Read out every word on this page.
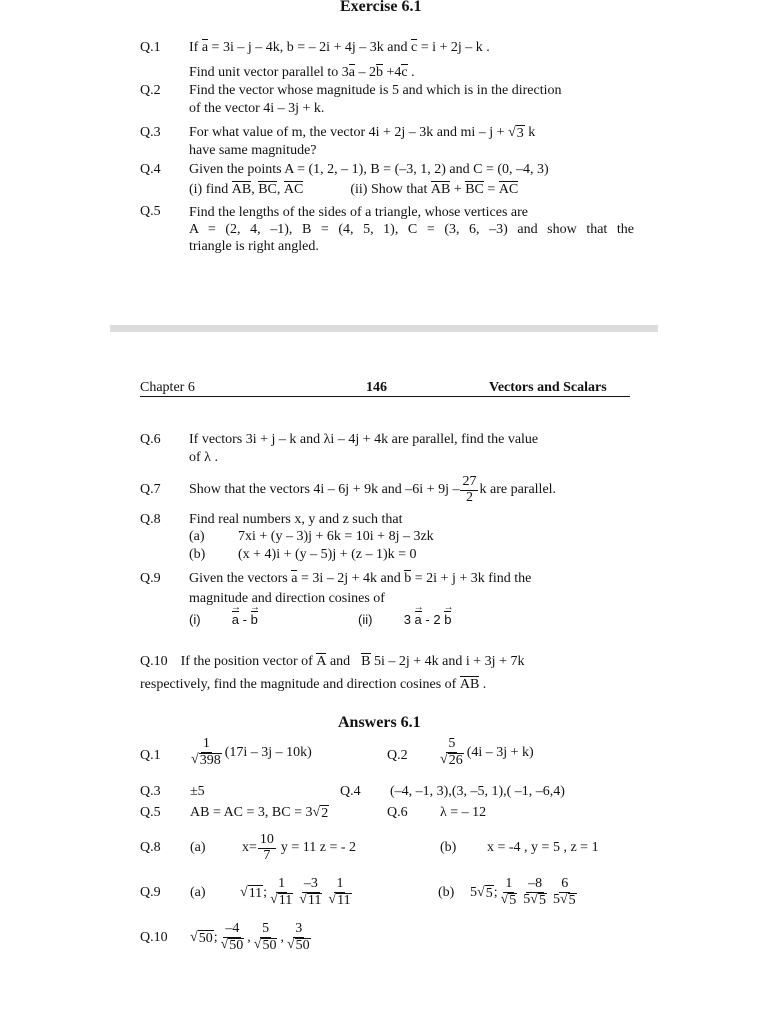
Exercise 6.1
Q.1 If a = 3i – j – 4k, b = – 2i + 4j – 3k and c = i + 2j – k .
Find unit vector parallel to 3a – 2b +4c .
Q.2 Find the vector whose magnitude is 5 and which is in the direction
of the vector 4i – 3j + k.
Q.3 For what value of m, the vector 4i + 2j – 3k and mi – j + √ 3 k
have same magnitude?
Q.4 Given the points A = (1, 2, – 1), B = (–3, 1, 2) and C = (0, –4, 3)
(i) find AB, BC, AC	(ii) Show that AB + BC = AC
Q.5 Find the lengths of the sides of a triangle, whose vertices are
A = (2, 4, –1), B = (4, 5, 1), C = (3, 6, –3) and show that the
triangle is right angled.
Chapter 6	146	Vectors and Scalars
Q.6 If vectors 3i + j – k and λi – 4j + 4k are parallel, find the value
of λ .
Q.7 Show that the vectors 4i – 6j + 9k and $-6i + 9j - \frac{27}{2}$ k are parallel.
Q.8 Find real numbers x, y and z such that
(a) 7xi + (y – 3)j + 6k = 10i + 8j – 3zk
(b) (x + 4)i + (y – 5)j + (z – 1)k = 0
Q.9 Given the vectors a = 3i – 2j + 4k and b = 2i + j + 3k find the
magnitude and direction cosines of
(i) a → - b →	(ii) 3 a → - 2 b →
Q.10 If the position vector of A and B 5i – 2j + 4k and i + 3j + 7k
respectively, find the magnitude and direction cosines of AB .
Answers 6.1
$Q.1 \frac{1}{√ 398} (17i - 3j - 10k)$	$Q.2 \frac{5}{√ 26} (4i - 3j + k)$
Q.3 ±5	Q.4 (–4, –1, 3),(3, –5, 1),( –1, –6,4)
Q.5 AB = AC = 3, BC = 3√ 2	Q.6 λ = – 12
Q.8 (a)	$x= \frac{10}{7}$ y = 11 z = - 2	(b) x = -4 , y = 5 , z = 1
Q.9 (a) √ 11 ; $\frac{1}{√ 11} \frac{-3}{√ 11} \frac{1}{√ 11}$	(b) 5 √ 5 ; $\frac{1}{√ 5} \frac{-8}{5√ 5} \frac{6}{5√ 5}$
Q.10 √ 50 ; $\frac{-4}{√ 50}$ , $\frac{5}{√ 50}$ , $\frac{3}{√ 50}$
